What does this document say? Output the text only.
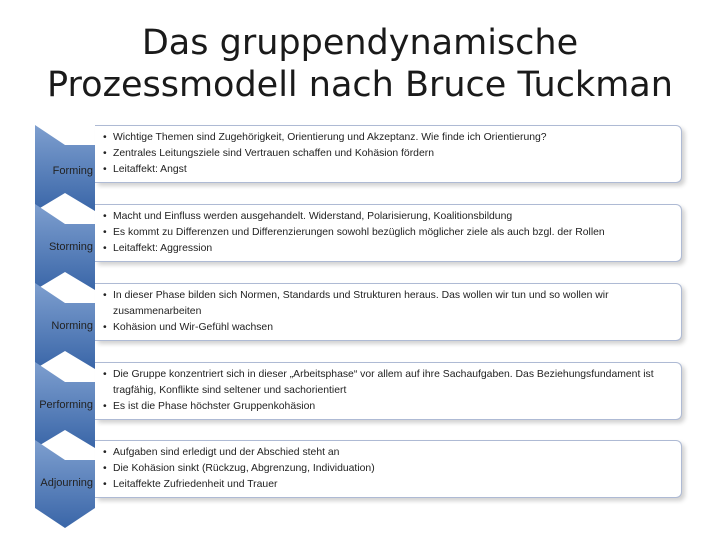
Das gruppendynamische
Prozessmodell nach Bruce Tuckman
Forming
• Wichtige Themen sind Zugehörigkeit, Orientierung und Akzeptanz. Wie finde ich Orientierung?
• Zentrales Leitungsziele sind Vertrauen schaffen und Kohäsion fördern
• Leitaffekt: Angst
Storming
• Macht und Einfluss werden ausgehandelt. Widerstand, Polarisierung, Koalitionsbildung
• Es kommt zu Differenzen und Differenzierungen sowohl bezüglich möglicher ziele als auch bzgl. der Rollen
• Leitaffekt: Aggression
Norming
• In dieser Phase bilden sich Normen, Standards und Strukturen heraus. Das wollen wir tun und so wollen wir zusammenarbeiten
• Kohäsion und Wir-Gefühl wachsen
Performing
• Die Gruppe konzentriert sich in dieser „Arbeitsphase“ vor allem auf ihre Sachaufgaben. Das Beziehungsfundament ist tragfähig, Konflikte sind seltener und sachorientiert
• Es ist die Phase höchster Gruppenkohäsion
Adjourning
• Aufgaben sind erledigt und der Abschied steht an
• Die Kohäsion sinkt (Rückzug, Abgrenzung, Individuation)
• Leitaffekte Zufriedenheit und Trauer
